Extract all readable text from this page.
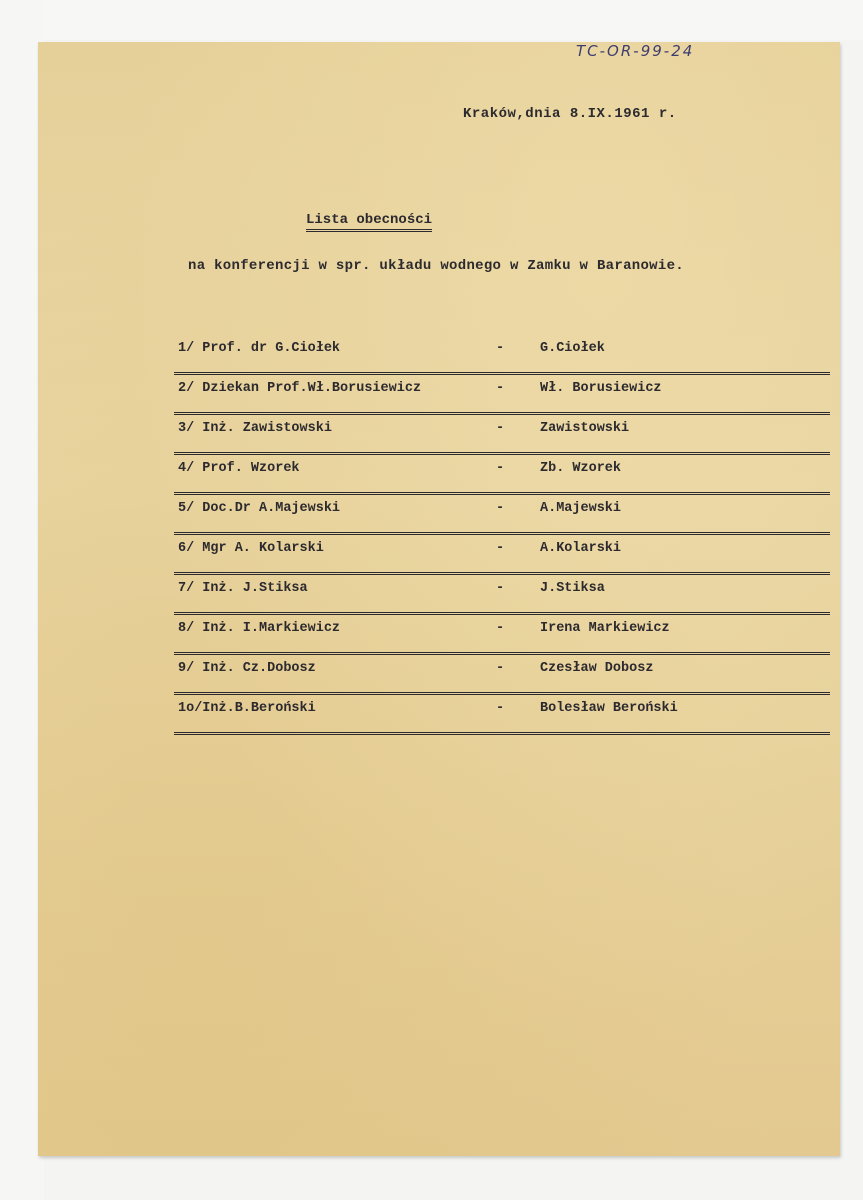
TC-OR-99-24
Kraków,dnia 8.IX.1961 r.
Lista obecności
na konferencji w spr. układu wodnego w Zamku w Baranowie.
1/ Prof. dr G.Ciołek	-	G.Ciołek
2/ Dziekan Prof.Wł.Borusiewicz	-	Wł. Borusiewicz
3/ Inż. Zawistowski	-	Zawistowski
4/ Prof. Wzorek	-	Zb. Wzorek
5/ Doc.Dr A.Majewski	-	A.Majewski
6/ Mgr A. Kolarski	-	A.Kolarski
7/ Inż. J.Stiksa	-	J.Stiksa
8/ Inż. I.Markiewicz	-	Irena Markiewicz
9/ Inż. Cz.Dobosz	-	Czesław Dobosz
1o/Inż.B.Beroński	-	Bolesław Beroński
